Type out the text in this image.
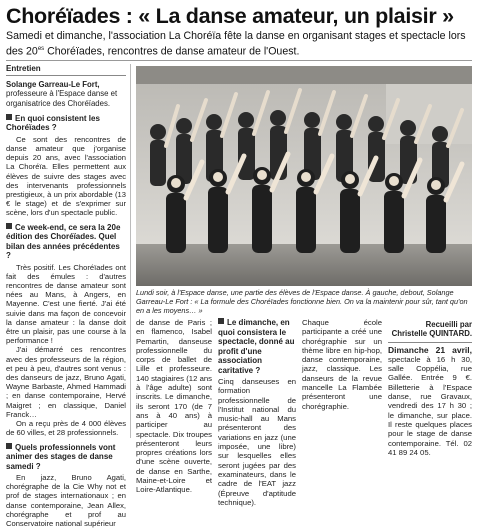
Choréïades : « La danse amateur, un plaisir »
Samedi et dimanche, l'association La Choréïa fête la danse en organisant stages et spectacle lors des $20^{es}$ Choréïades, rencontres de danse amateur de l'Ouest.
Entretien
Solange Garreau-Le Fort, professeure à l'Espace danse et organisatrice des Choréïades.
En quoi consistent les Choréïades ?

Ce sont des rencontres de danse amateur que j'organise depuis 20 ans, avec l'association La Choréïa. Elles permettent aux élèves de suivre des stages avec des intervenants professionnels prestigieux, à un prix abordable (13 € le stage) et de s'exprimer sur scène, lors d'un spectacle public.

Ce week-end, ce sera la 20e édition des Choréïades. Quel bilan des années précédentes ?

Très positif. Les Choréïades ont fait des émules : d'autres rencontres de danse amateur sont nées au Mans, à Angers, en Mayenne. C'est une fierté. J'ai été suivie dans ma façon de concevoir la danse amateur : la danse doit être un plaisir, pas une course à la performance !

J'ai démarré ces rencontres avec des professeurs de la région, et peu à peu, d'autres sont venus : des danseurs de jazz, Bruno Agati, Wayne Barbaste, Ahmed Hammadi ; en danse contemporaine, Hervé Maigret ; en classique, Daniel Franck…

On a reçu près de 4 000 élèves de 60 villes, et 28 professionnels.

Quels professionnels vont animer des stages de danse samedi ?

En jazz, Bruno Agati, chorégraphe de la Cie Why not et prof de stages internationaux ; en danse contemporaine, Jean Allex, chorégraphe et prof au Conservatoire national supérieur

Lundi soir, à l'Espace danse, une partie des élèves de l'Espace danse. À gauche, debout, Solange Garreau-Le Fort : « La formule des Choréïades fonctionne bien. On va la maintenir pour sûr, tant qu'on en a les moyens… »

de danse de Paris ; en flamenco, Isabel Pemartin, danseuse professionnelle du corps de ballet de Lille et professeure. 140 stagiaires (12 ans à l'âge adulte) sont inscrits. Le dimanche, ils seront 170 (de 7 ans à 40 ans) à participer au spectacle. Dix troupes présenteront leurs propres créations lors d'une scène ouverte, de danse en Sarthe, Maine-et-Loire et Loire-Atlantique.

Le dimanche, en quoi consistera le spectacle, donné au profit d'une association caritative ?

Cinq danseuses en formation professionnelle de l'Institut national du music-hall au Mans présenteront des variations en jazz (une imposée, une libre) sur lesquelles elles seront jugées par des examinateurs, dans le cadre de l'EAT jazz (Épreuve d'aptitude technique).

Chaque école participante a créé une chorégraphie sur un thème libre en hip-hop, danse contemporaine, jazz, classique. Les danseurs de la revue mancelle La Flambée présenteront une chorégraphie.

Recueilli par
Christelle QUINTARD.

Dimanche 21 avril, spectacle à 16 h 30, salle Coppélia, rue Gallée. Entrée 9 €. Billetterie à l'Espace danse, rue Gravaux, vendredi des 17 h 30 ; le dimanche, sur place. Il reste quelques places pour le stage de danse contemporaine. Tél. 02 41 89 24 05.
